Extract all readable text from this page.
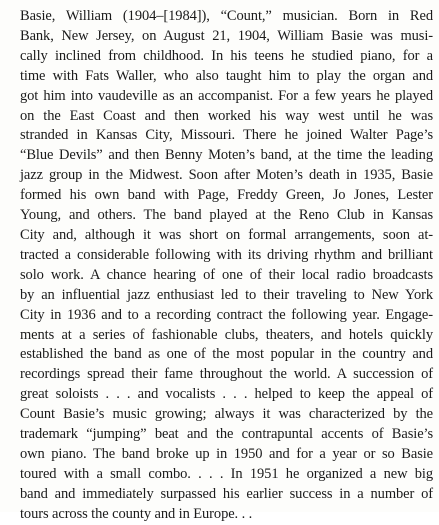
Basie, William (1904–[1984]), “Count,” musician. Born in Red
Bank, New Jersey, on August 21, 1904, William Basie was musi-
cally inclined from childhood. In his teens he studied piano, for a
time with Fats Waller, who also taught him to play the organ and
got him into vaudeville as an accompanist. For a few years he played
on the East Coast and then worked his way west until he was
stranded in Kansas City, Missouri. There he joined Walter Page’s
“Blue Devils” and then Benny Moten’s band, at the time the leading
jazz group in the Midwest. Soon after Moten’s death in 1935, Basie
formed his own band with Page, Freddy Green, Jo Jones, Lester
Young, and others. The band played at the Reno Club in Kansas
City and, although it was short on formal arrangements, soon at-
tracted a considerable following with its driving rhythm and brilliant
solo work. A chance hearing of one of their local radio broadcasts
by an influential jazz enthusiast led to their traveling to New York
City in 1936 and to a recording contract the following year. Engage-
ments at a series of fashionable clubs, theaters, and hotels quickly
established the band as one of the most popular in the country and
recordings spread their fame throughout the world. A succession of
great soloists . . . and vocalists . . . helped to keep the appeal of
Count Basie’s music growing; always it was characterized by the
trademark “jumping” beat and the contrapuntal accents of Basie’s
own piano. The band broke up in 1950 and for a year or so Basie
toured with a small combo. . . . In 1951 he organized a new big
band and immediately surpassed his earlier success in a number of
tours across the county and in Europe. . .
